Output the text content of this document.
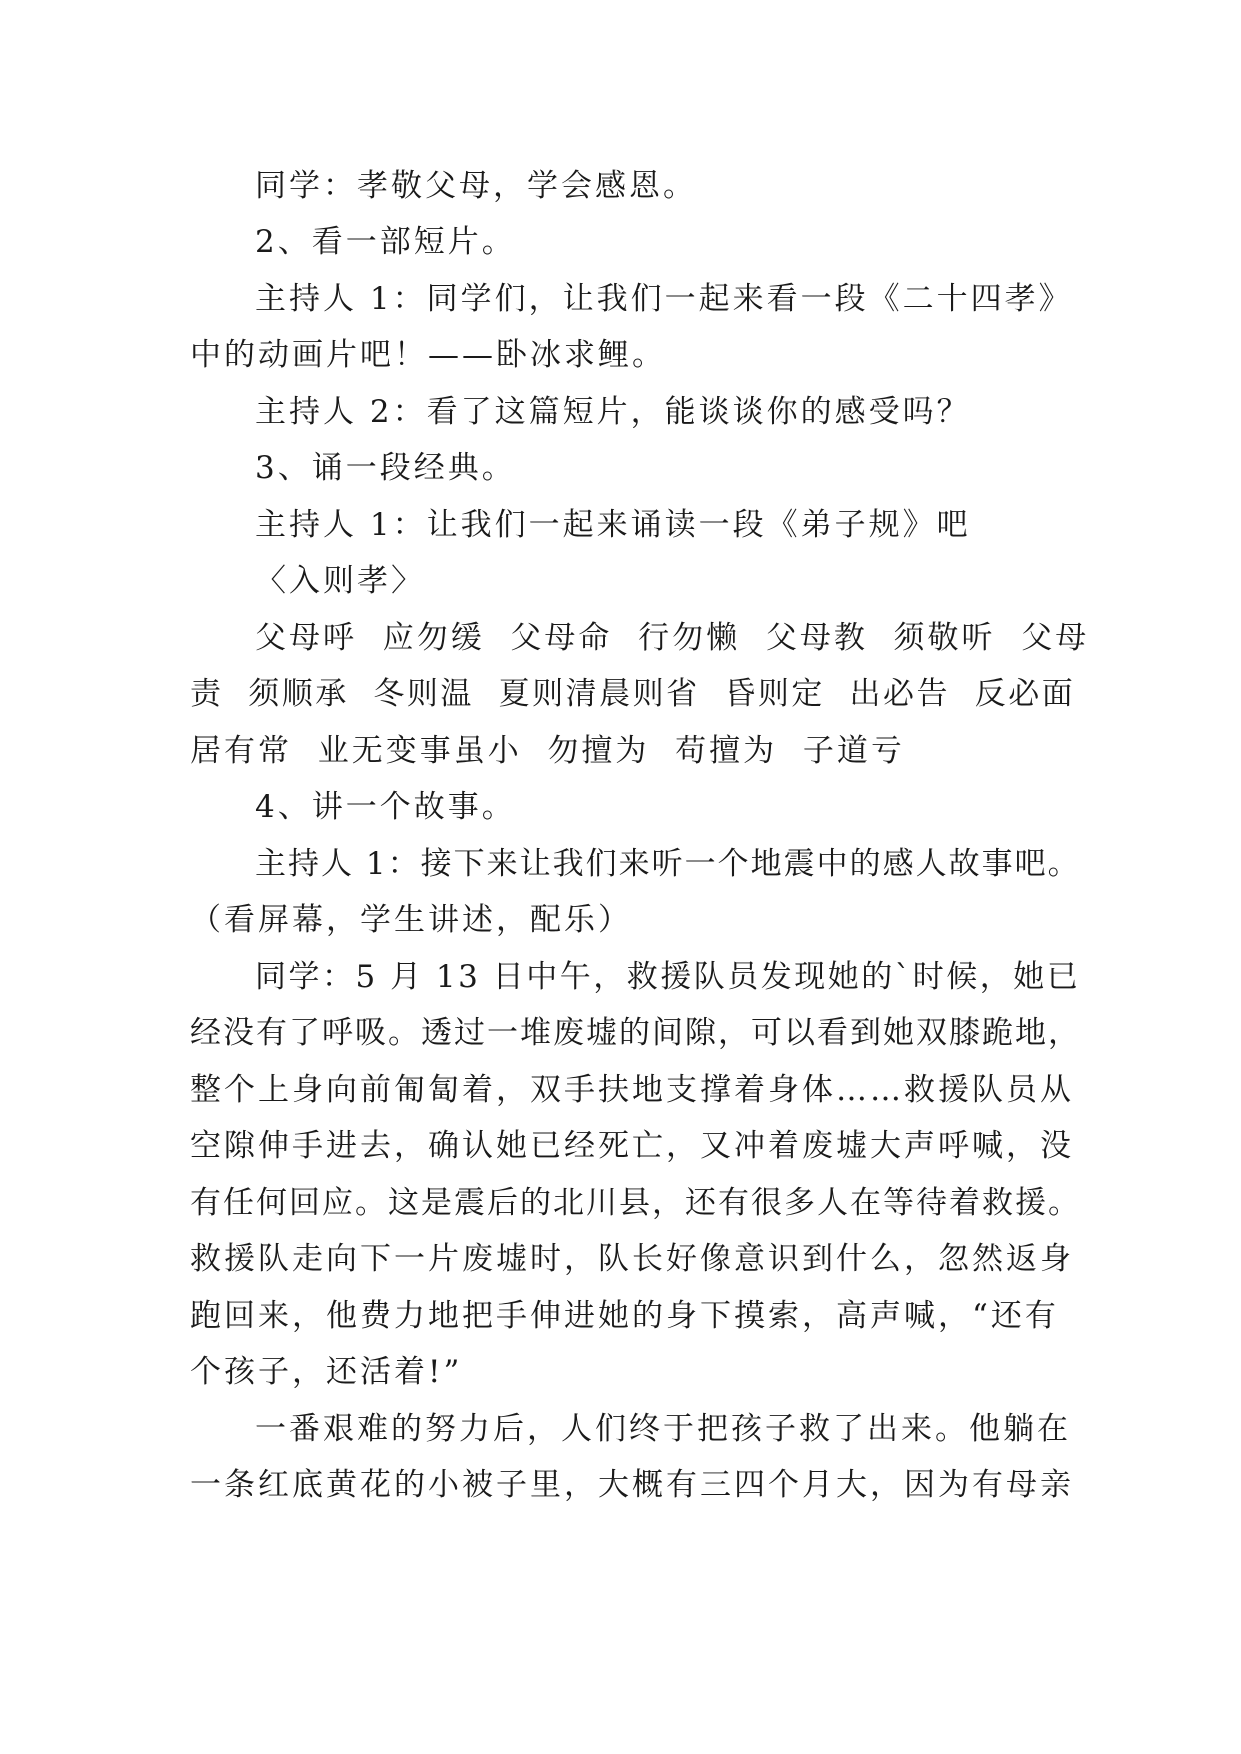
同学：孝敬父母，学会感恩。

2、看一部短片。

主持人 1：同学们，让我们一起来看一段《二十四孝》

中的动画片吧！——卧冰求鲤。

主持人 2：看了这篇短片，能谈谈你的感受吗？

3、诵一段经典。

主持人 1：让我们一起来诵读一段《弟子规》吧

〈入则孝〉

父母呼  应勿缓  父母命  行勿懒  父母教  须敬听  父母

责  须顺承  冬则温  夏则清晨则省  昏则定  出必告  反必面

居有常  业无变事虽小  勿擅为  苟擅为  子道亏

4、讲一个故事。

主持人 1：接下来让我们来听一个地震中的感人故事吧。

（看屏幕，学生讲述，配乐）

同学：5 月 13 日中午，救援队员发现她的`时候，她已

经没有了呼吸。透过一堆废墟的间隙，可以看到她双膝跪地，

整个上身向前匍匐着，双手扶地支撑着身体……救援队员从

空隙伸手进去，确认她已经死亡，又冲着废墟大声呼喊，没

有任何回应。这是震后的北川县，还有很多人在等待着救援。

救援队走向下一片废墟时，队长好像意识到什么，忽然返身

跑回来，他费力地把手伸进她的身下摸索，高声喊，“还有

个孩子，还活着!”

一番艰难的努力后，人们终于把孩子救了出来。他躺在

一条红底黄花的小被子里，大概有三四个月大，因为有母亲
